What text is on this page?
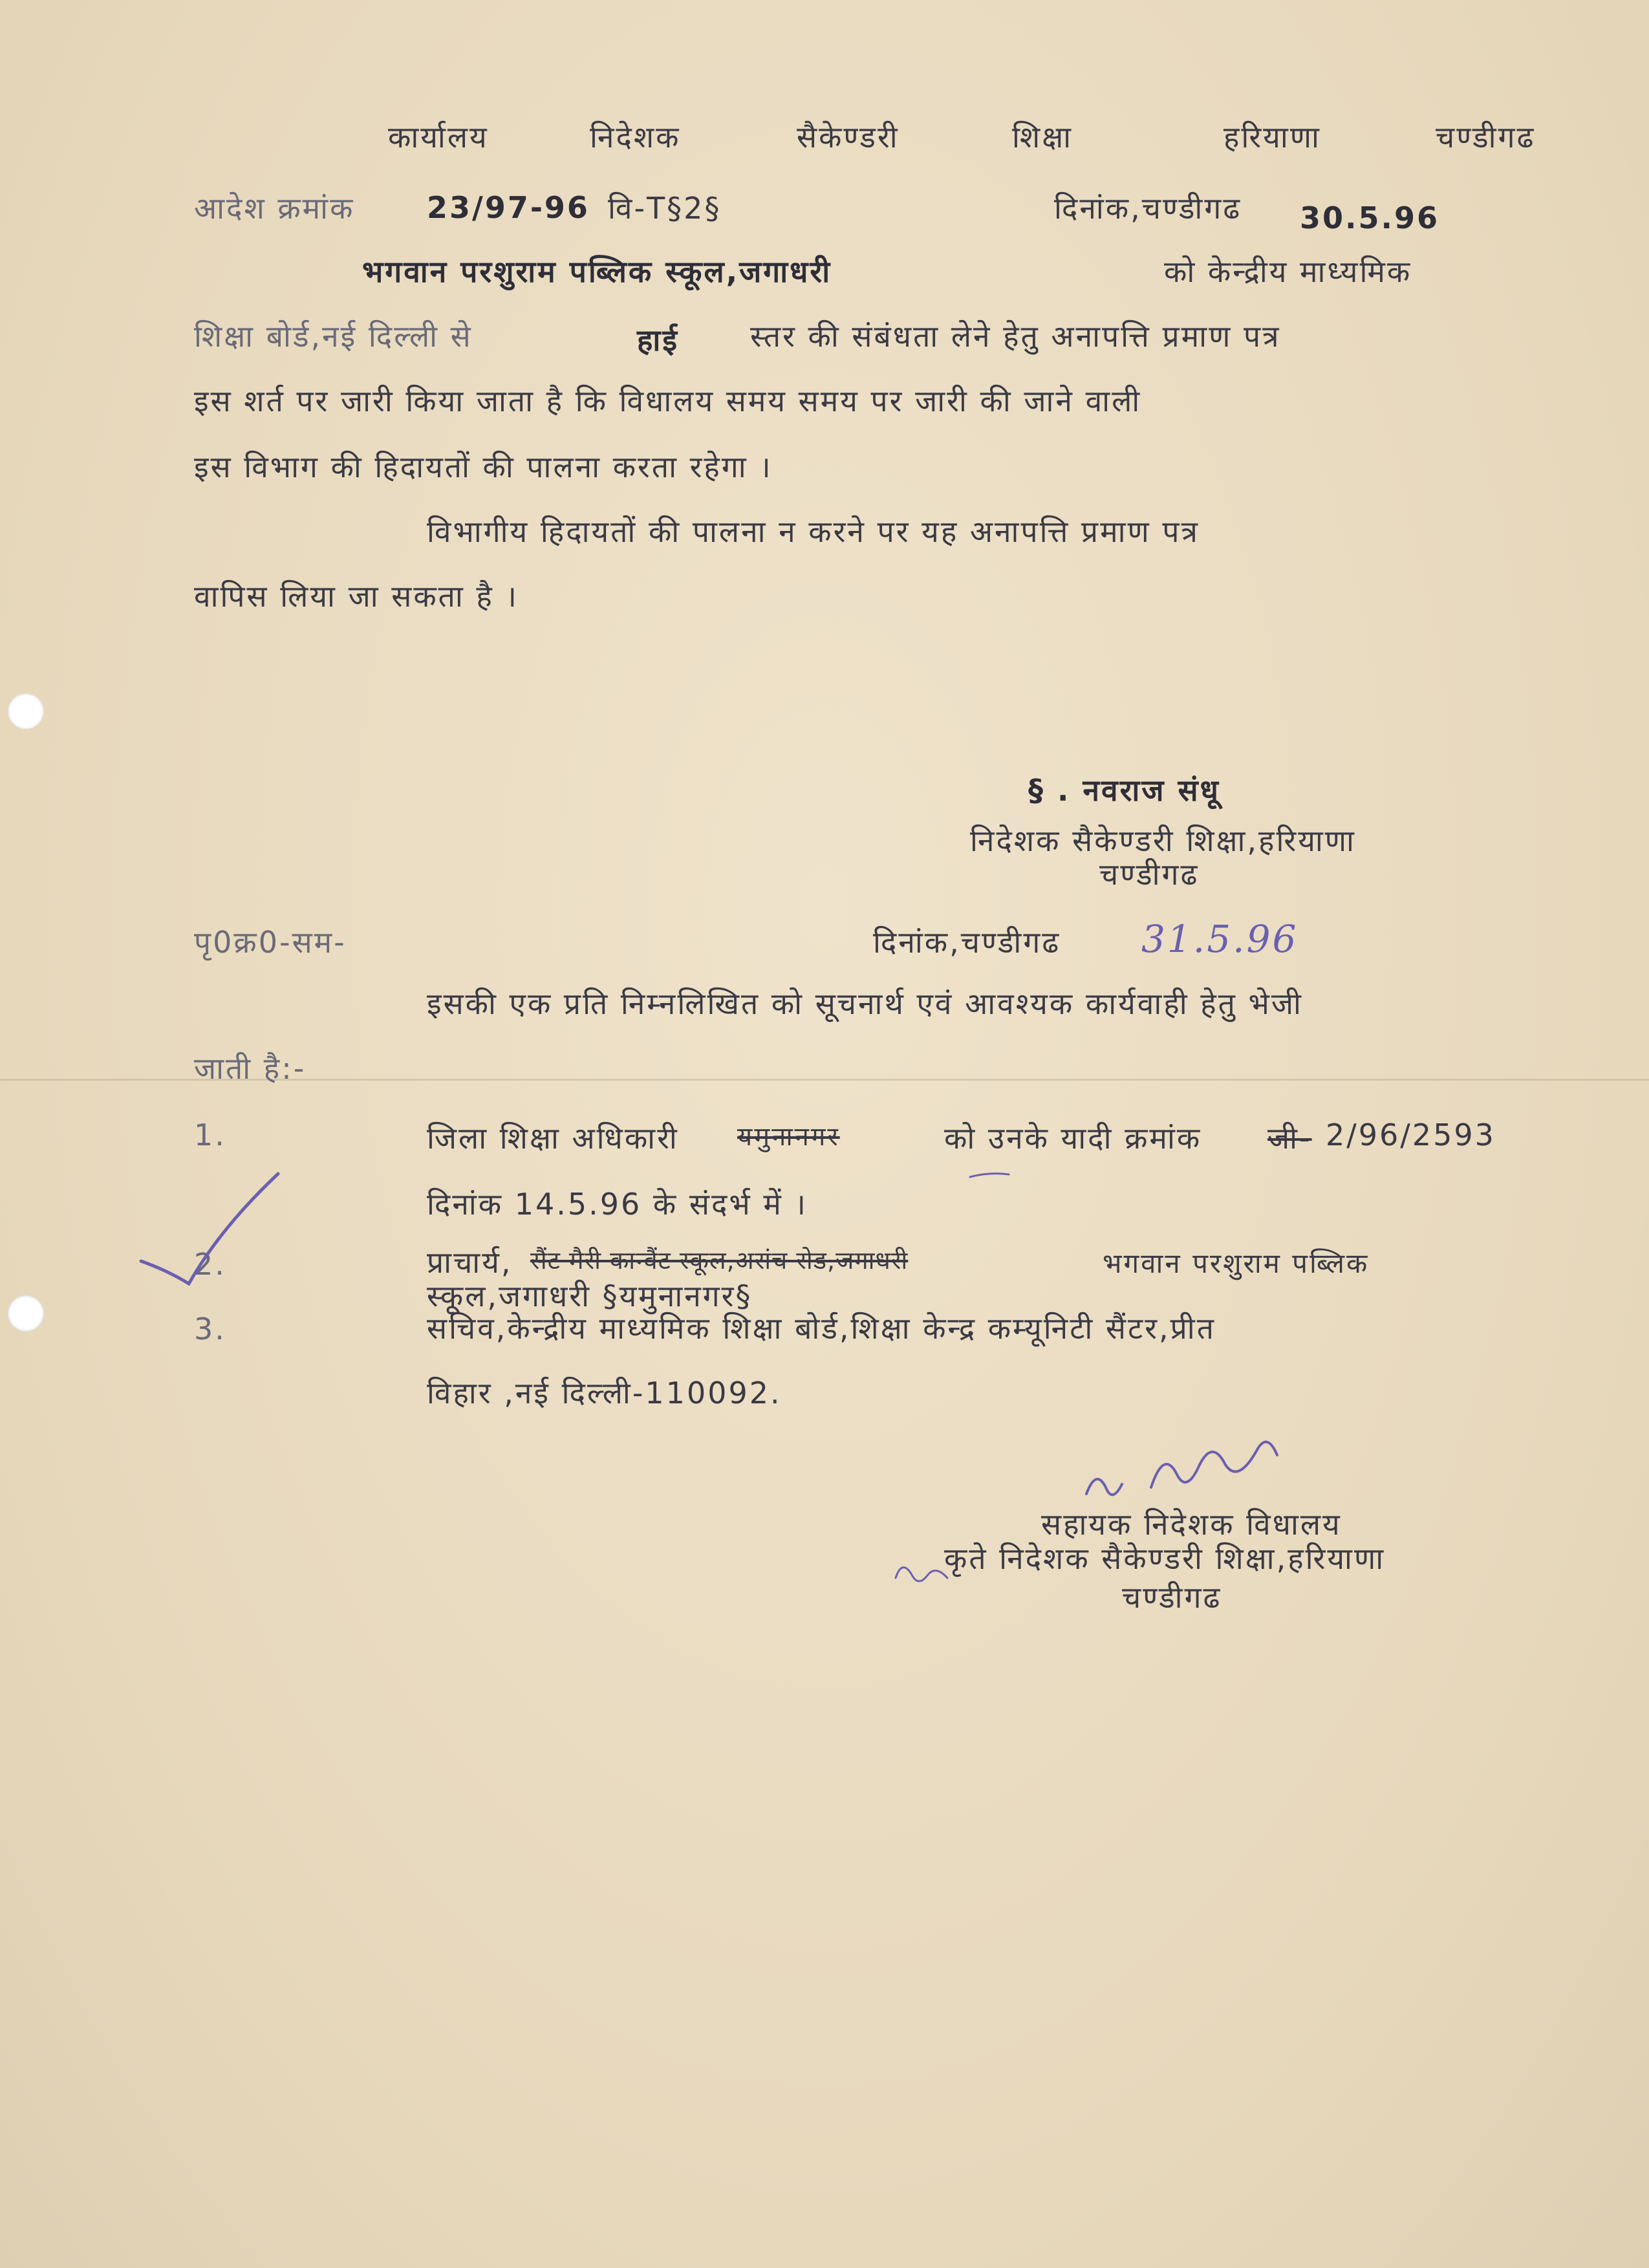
कार्यालय	निदेशक	सैकेण्डरी	शिक्षा	हरियाणा	चण्डीगढ
आदेश क्रमांक 23/97-96 वि-T§2§	दिनांक,चण्डीगढ 30.5.96
भगवान परशुराम पब्लिक स्कूल,जगाधरी	को केन्द्रीय माध्यमिक
शिक्षा बोर्ड,नई दिल्ली से	हाई स्तर की संबंधता लेने हेतु अनापत्ति प्रमाण पत्र
इस शर्त पर जारी किया जाता है कि विधालय समय समय पर जारी की जाने वाली
इस विभाग की हिदायतों की पालना करता रहेगा ।
विभागीय हिदायतों की पालना न करने पर यह अनापत्ति प्रमाण पत्र
वापिस लिया जा सकता है ।
§ . नवराज संधू
निदेशक सैकेण्डरी शिक्षा,हरियाणा
चण्डीगढ
पृ0क्र0-सम-	दिनांक,चण्डीगढ 31.5.96
इसकी एक प्रति निम्नलिखित को सूचनार्थ एवं आवश्यक कार्यवाही हेतु भेजी
जाती है:-
1.	जिला शिक्षा अधिकारी यमुनानगर	को उनके यादी क्रमांक जी- 2/96/2593
दिनांक 14.5.96 के संदर्भ में ।
2.	प्राचार्य, सैंट मैरी कान्वैंट स्कूल,अरांच रोड,जगाधरी	भगवान परशुराम पब्लिक
स्कूल,जगाधरी §यमुनानगर§
3.	सचिव,केन्द्रीय माध्यमिक शिक्षा बोर्ड,शिक्षा केन्द्र कम्यूनिटी सैंटर,प्रीत
विहार ,नई दिल्ली-110092.
सहायक निदेशक विधालय
कृते निदेशक सैकेण्डरी शिक्षा,हरियाणा
चण्डीगढ
